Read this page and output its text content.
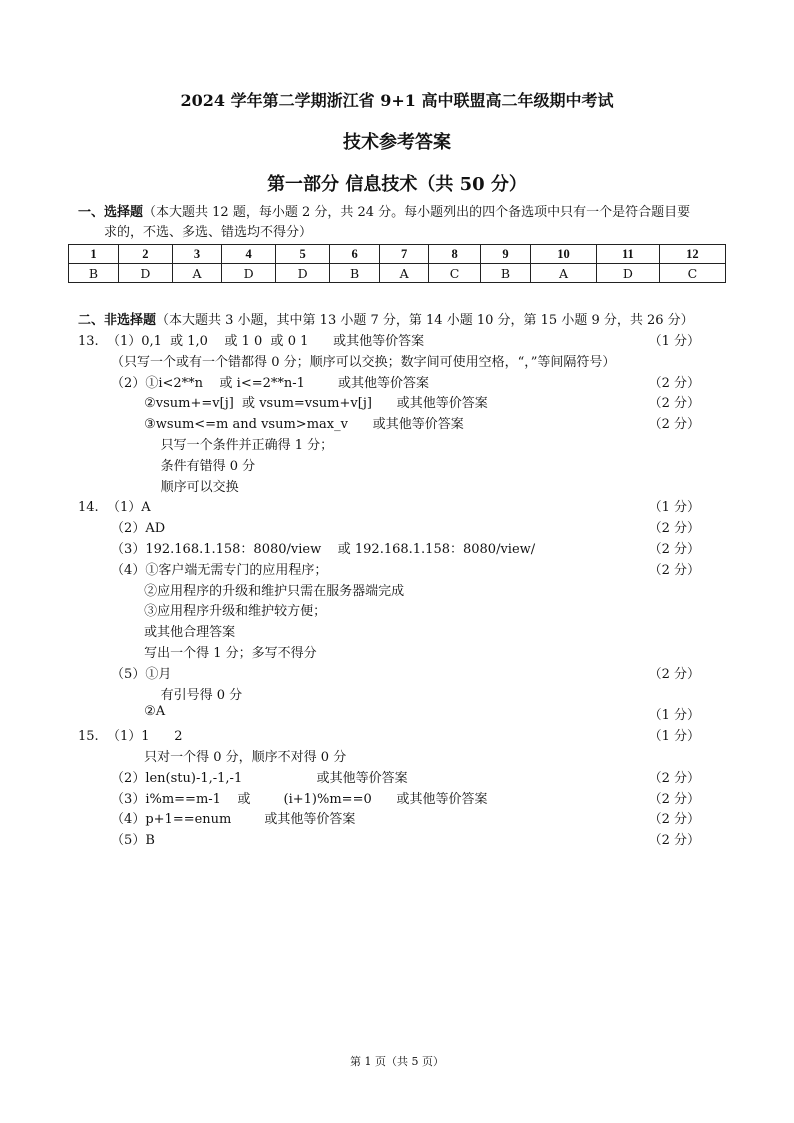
2024 学年第二学期浙江省 9+1 高中联盟高二年级期中考试
技术参考答案
第一部分 信息技术（共 50 分）
一、选择题（本大题共 12 题，每小题 2 分，共 24 分。每小题列出的四个备选项中只有一个是符合题目要
求的，不选、多选、错选均不得分）
1	2	3	4	5	6	7	8	9	10	11	12
B	D	A	D	D	B	A	C	B	A	D	C
二、非选择题（本大题共 3 小题，其中第 13 小题 7 分，第 14 小题 10 分，第 15 小题 9 分，共 26 分）
13.  （1）0,1  或 1,0    或 1 0  或 0 1      或其他等价答案	（1 分）
（只写一个或有一个错都得 0 分；顺序可以交换；数字间可使用空格，“，”等间隔符号）
（2）①i<2**n    或 i<=2**n-1        或其他等价答案	（2 分）
②vsum+=v[j]  或 vsum=vsum+v[j]      或其他等价答案	（2 分）
③wsum<=m and vsum>max_v      或其他等价答案	（2 分）
只写一个条件并正确得 1 分；
条件有错得 0 分
顺序可以交换
14.  （1）A	（1 分）
（2）AD	（2 分）
（3）192.168.1.158：8080/view    或 192.168.1.158：8080/view/	（2 分）
（4）①客户端无需专门的应用程序；	（2 分）
②应用程序的升级和维护只需在服务器端完成
③应用程序升级和维护较方便；
或其他合理答案
写出一个得 1 分；多写不得分
（5）①月	（2 分）
有引号得 0 分
②A	（1 分）
15.  （1）1      2	（1 分）
只对一个得 0 分，顺序不对得 0 分
（2）len(stu)-1,-1,-1                  或其他等价答案	（2 分）
（3）i%m==m-1    或        (i+1)%m==0      或其他等价答案	（2 分）
（4）p+1==enum        或其他等价答案	（2 分）
（5）B	（2 分）
第 1 页（共 5 页）
